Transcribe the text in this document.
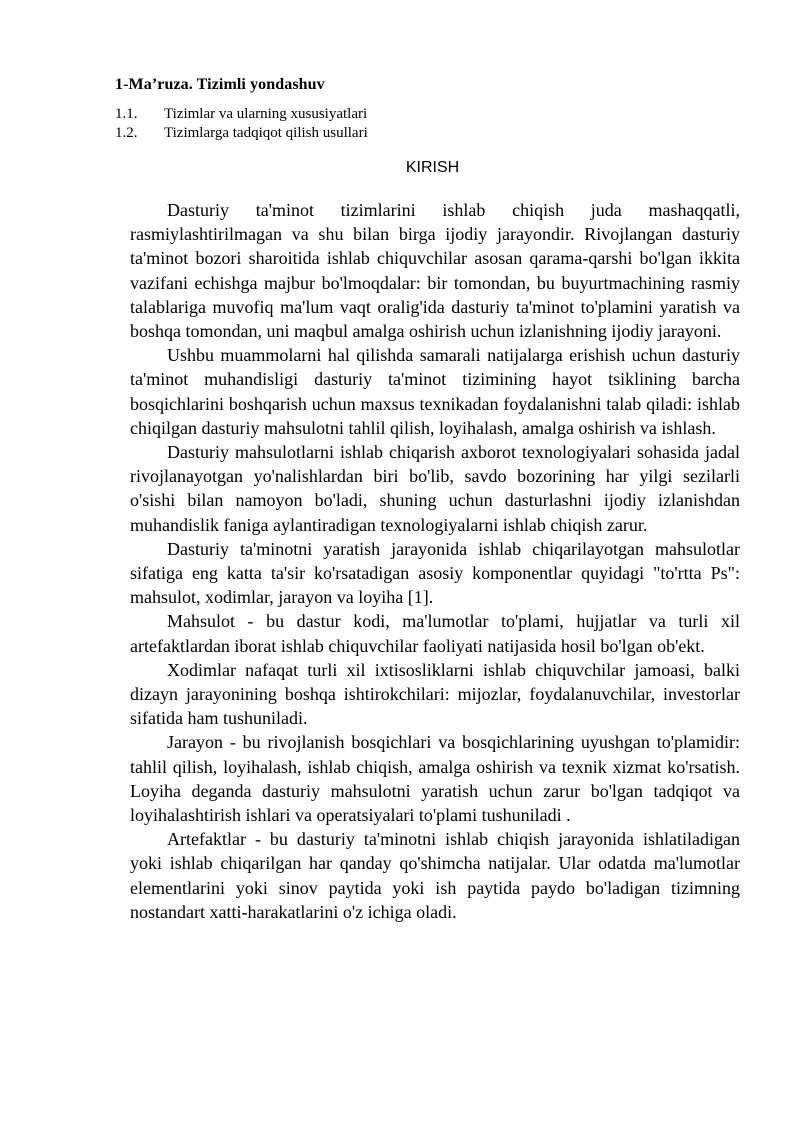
1-Ma’ruza. Tizimli yondashuv
1.1. Tizimlar va ularning xususiyatlari
1.2. Tizimlarga tadqiqot qilish usullari
KIRISH

Dasturiy ta'minot tizimlarini ishlab chiqish juda mashaqqatli, rasmiylashtirilmagan va shu bilan birga ijodiy jarayondir. Rivojlangan dasturiy ta'minot bozori sharoitida ishlab chiquvchilar asosan qarama-qarshi bo'lgan ikkita vazifani echishga majbur bo'lmoqdalar: bir tomondan, bu buyurtmachining rasmiy talablariga muvofiq ma'lum vaqt oralig'ida dasturiy ta'minot to'plamini yaratish va boshqa tomondan, uni maqbul amalga oshirish uchun izlanishning ijodiy jarayoni.

Ushbu muammolarni hal qilishda samarali natijalarga erishish uchun dasturiy ta'minot muhandisligi dasturiy ta'minot tizimining hayot tsiklining barcha bosqichlarini boshqarish uchun maxsus texnikadan foydalanishni talab qiladi: ishlab chiqilgan dasturiy mahsulotni tahlil qilish, loyihalash, amalga oshirish va ishlash.

Dasturiy mahsulotlarni ishlab chiqarish axborot texnologiyalari sohasida jadal rivojlanayotgan yo'nalishlardan biri bo'lib, savdo bozorining har yilgi sezilarli o'sishi bilan namoyon bo'ladi, shuning uchun dasturlashni ijodiy izlanishdan muhandislik faniga aylantiradigan texnologiyalarni ishlab chiqish zarur.

Dasturiy ta'minotni yaratish jarayonida ishlab chiqarilayotgan mahsulotlar sifatiga eng katta ta'sir ko'rsatadigan asosiy komponentlar quyidagi "to'rtta Ps": mahsulot, xodimlar, jarayon va loyiha [1].

Mahsulot - bu dastur kodi, ma'lumotlar to'plami, hujjatlar va turli xil artefaktlardan iborat ishlab chiquvchilar faoliyati natijasida hosil bo'lgan ob'ekt.

Xodimlar nafaqat turli xil ixtisosliklarni ishlab chiquvchilar jamoasi, balki dizayn jarayonining boshqa ishtirokchilari: mijozlar, foydalanuvchilar, investorlar sifatida ham tushuniladi.

Jarayon - bu rivojlanish bosqichlari va bosqichlarining uyushgan to'plamidir: tahlil qilish, loyihalash, ishlab chiqish, amalga oshirish va texnik xizmat ko'rsatish. Loyiha deganda dasturiy mahsulotni yaratish uchun zarur bo'lgan tadqiqot va loyihalashtirish ishlari va operatsiyalari to'plami tushuniladi .

Artefaktlar - bu dasturiy ta'minotni ishlab chiqish jarayonida ishlatiladigan yoki ishlab chiqarilgan har qanday qo'shimcha natijalar. Ular odatda ma'lumotlar elementlarini yoki sinov paytida yoki ish paytida paydo bo'ladigan tizimning nostandart xatti-harakatlarini o'z ichiga oladi.
